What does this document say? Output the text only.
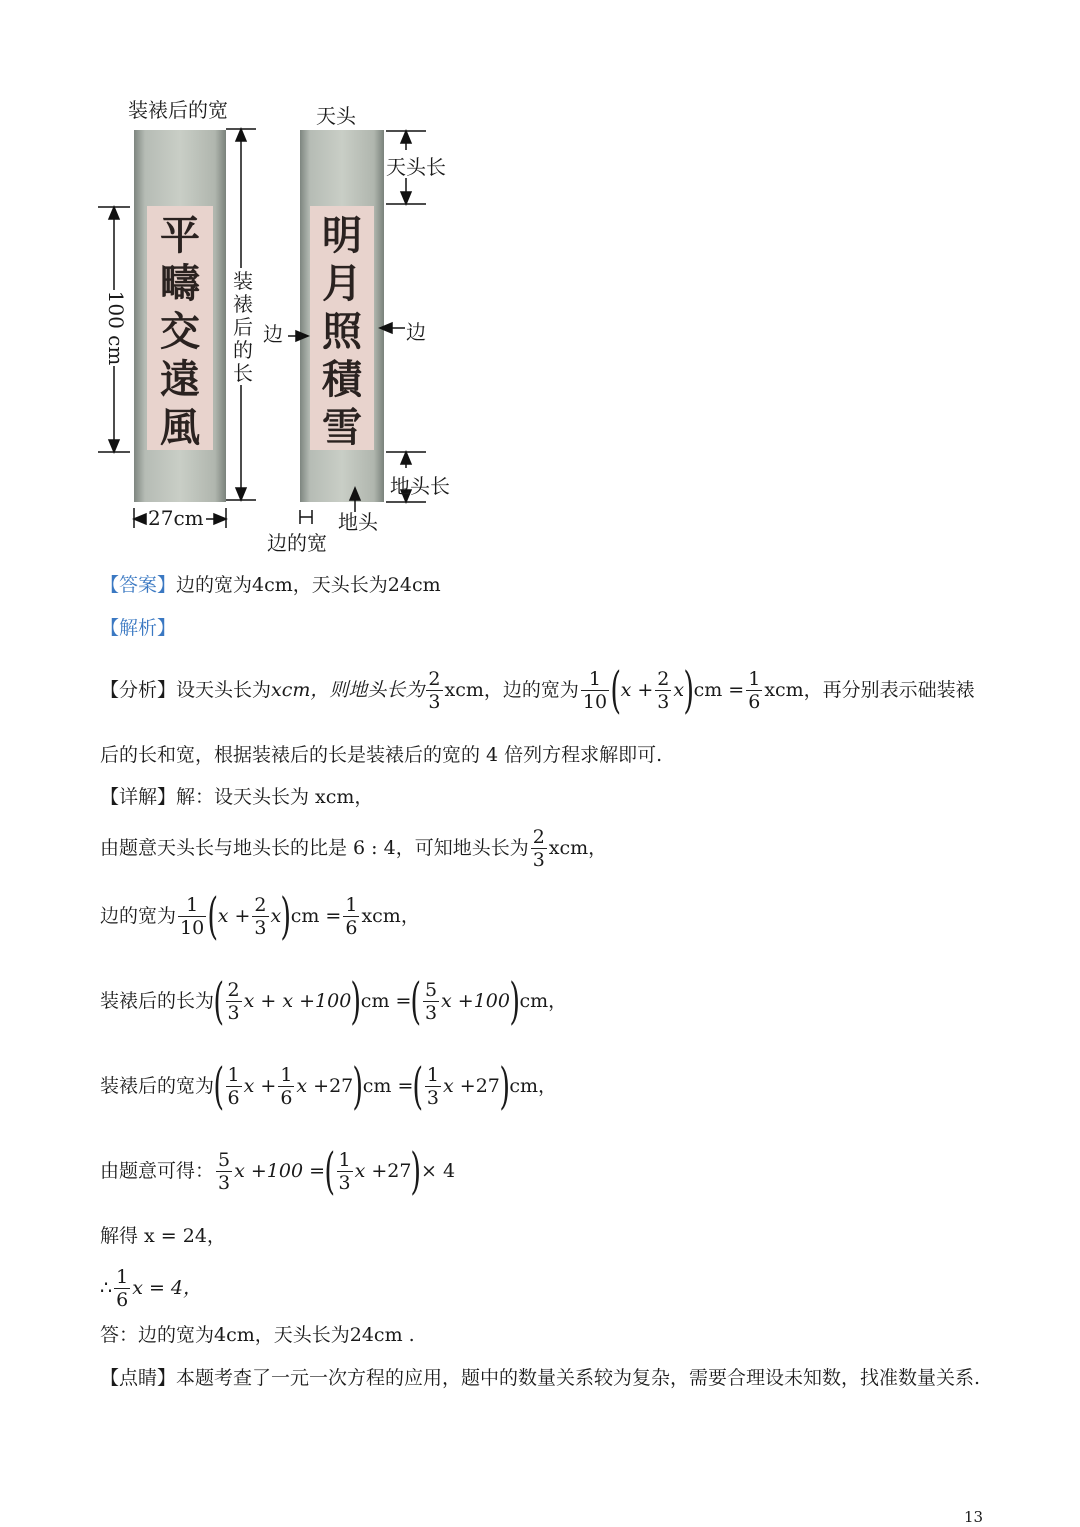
装裱后的宽	天头
平
疇
交
遠
風
明
月
照
積
雪
100 cm
装
裱
后
的
长
27cm
天头长
边	边
地头长
地头
边的宽
【答案】边的宽为4cm，天头长为24cm
【解析】
【分析】 设天头长为 xcm，则地头长为 $\frac{2}{3}$ xcm，边的宽为 $\frac{1}{10}$ ( $x + \frac{2}{3}$ x ) cm = $\frac{1}{6}$ xcm，再分别表示础装裱
后的长和宽，根据装裱后的长是装裱后的宽的 4 倍列方程求解即可.
【详解】解：设天头长为 xcm，
由题意天头长与地头长的比是 6 : 4，可知地头长为 $\frac{2}{3}$ xcm，
边的宽为 $\frac{1}{10}$ ( $x + \frac{2}{3}$ x ) cm = $\frac{1}{6}$ xcm，
装裱后的长为 ( $\frac{2}{3}$ x + x +100 ) cm = ( $\frac{5}{3}$ x +100 ) cm，
装裱后的宽为 ( $\frac{1}{6}$ $x + \frac{1}{6}$ x +27 ) cm = ( $\frac{1}{3}$ x +27 ) cm，
由题意可得： $\frac{5}{3}$ x +100 = ( $\frac{1}{3}$ x +27 ) × 4
解得 x = 24，
∴ $\frac{1}{6}$ x = 4，
答：边的宽为4cm，天头长为24cm .
【点睛】本题考查了一元一次方程的应用，题中的数量关系较为复杂，需要合理设未知数，找准数量关系.
13
